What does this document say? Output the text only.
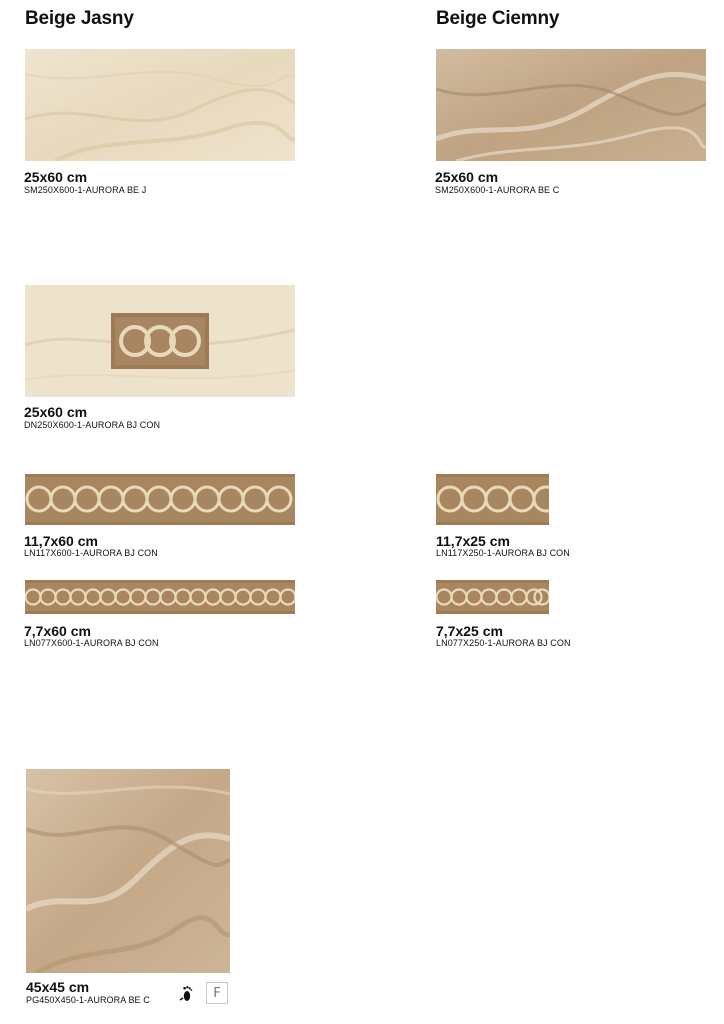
Beige Jasny	Beige Ciemny
25x60 cm
SM250X600-1-AURORA BE J
25x60 cm
SM250X600-1-AURORA BE C
25x60 cm
DN250X600-1-AURORA BJ CON
11,7x60 cm
LN117X600-1-AURORA BJ CON
11,7x25 cm
LN117X250-1-AURORA BJ CON
7,7x60 cm
LN077X600-1-AURORA BJ CON
7,7x25 cm
LN077X250-1-AURORA BJ CON
45x45 cm
PG450X450-1-AURORA BE C	F
